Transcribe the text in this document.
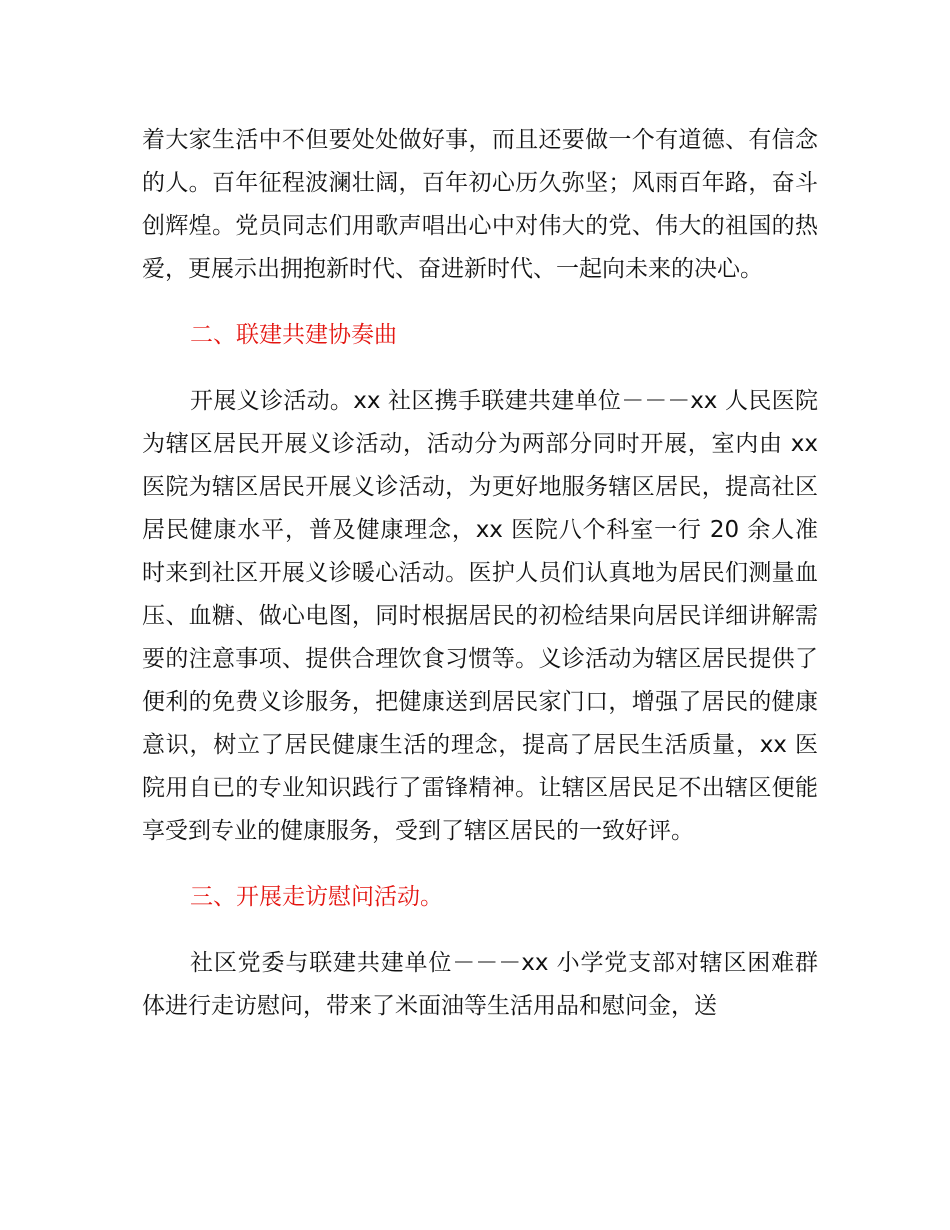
着大家生活中不但要处处做好事，而且还要做一个有道德、有信念的人。百年征程波澜壮阔，百年初心历久弥坚；风雨百年路，奋斗创辉煌。党员同志们用歌声唱出心中对伟大的党、伟大的祖国的热爱，更展示出拥抱新时代、奋进新时代、一起向未来的决心。

二、联建共建协奏曲

开展义诊活动。xx 社区携手联建共建单位－－－xx 人民医院为辖区居民开展义诊活动，活动分为两部分同时开展，室内由 xx 医院为辖区居民开展义诊活动，为更好地服务辖区居民，提高社区居民健康水平，普及健康理念，xx 医院八个科室一行 20 余人准时来到社区开展义诊暖心活动。医护人员们认真地为居民们测量血压、血糖、做心电图，同时根据居民的初检结果向居民详细讲解需要的注意事项、提供合理饮食习惯等。义诊活动为辖区居民提供了便利的免费义诊服务，把健康送到居民家门口，增强了居民的健康意识，树立了居民健康生活的理念，提高了居民生活质量，xx 医院用自已的专业知识践行了雷锋精神。让辖区居民足不出辖区便能享受到专业的健康服务，受到了辖区居民的一致好评。

三、开展走访慰问活动。

社区党委与联建共建单位－－－xx 小学党支部对辖区困难群体进行走访慰问，带来了米面油等生活用品和慰问金，送
